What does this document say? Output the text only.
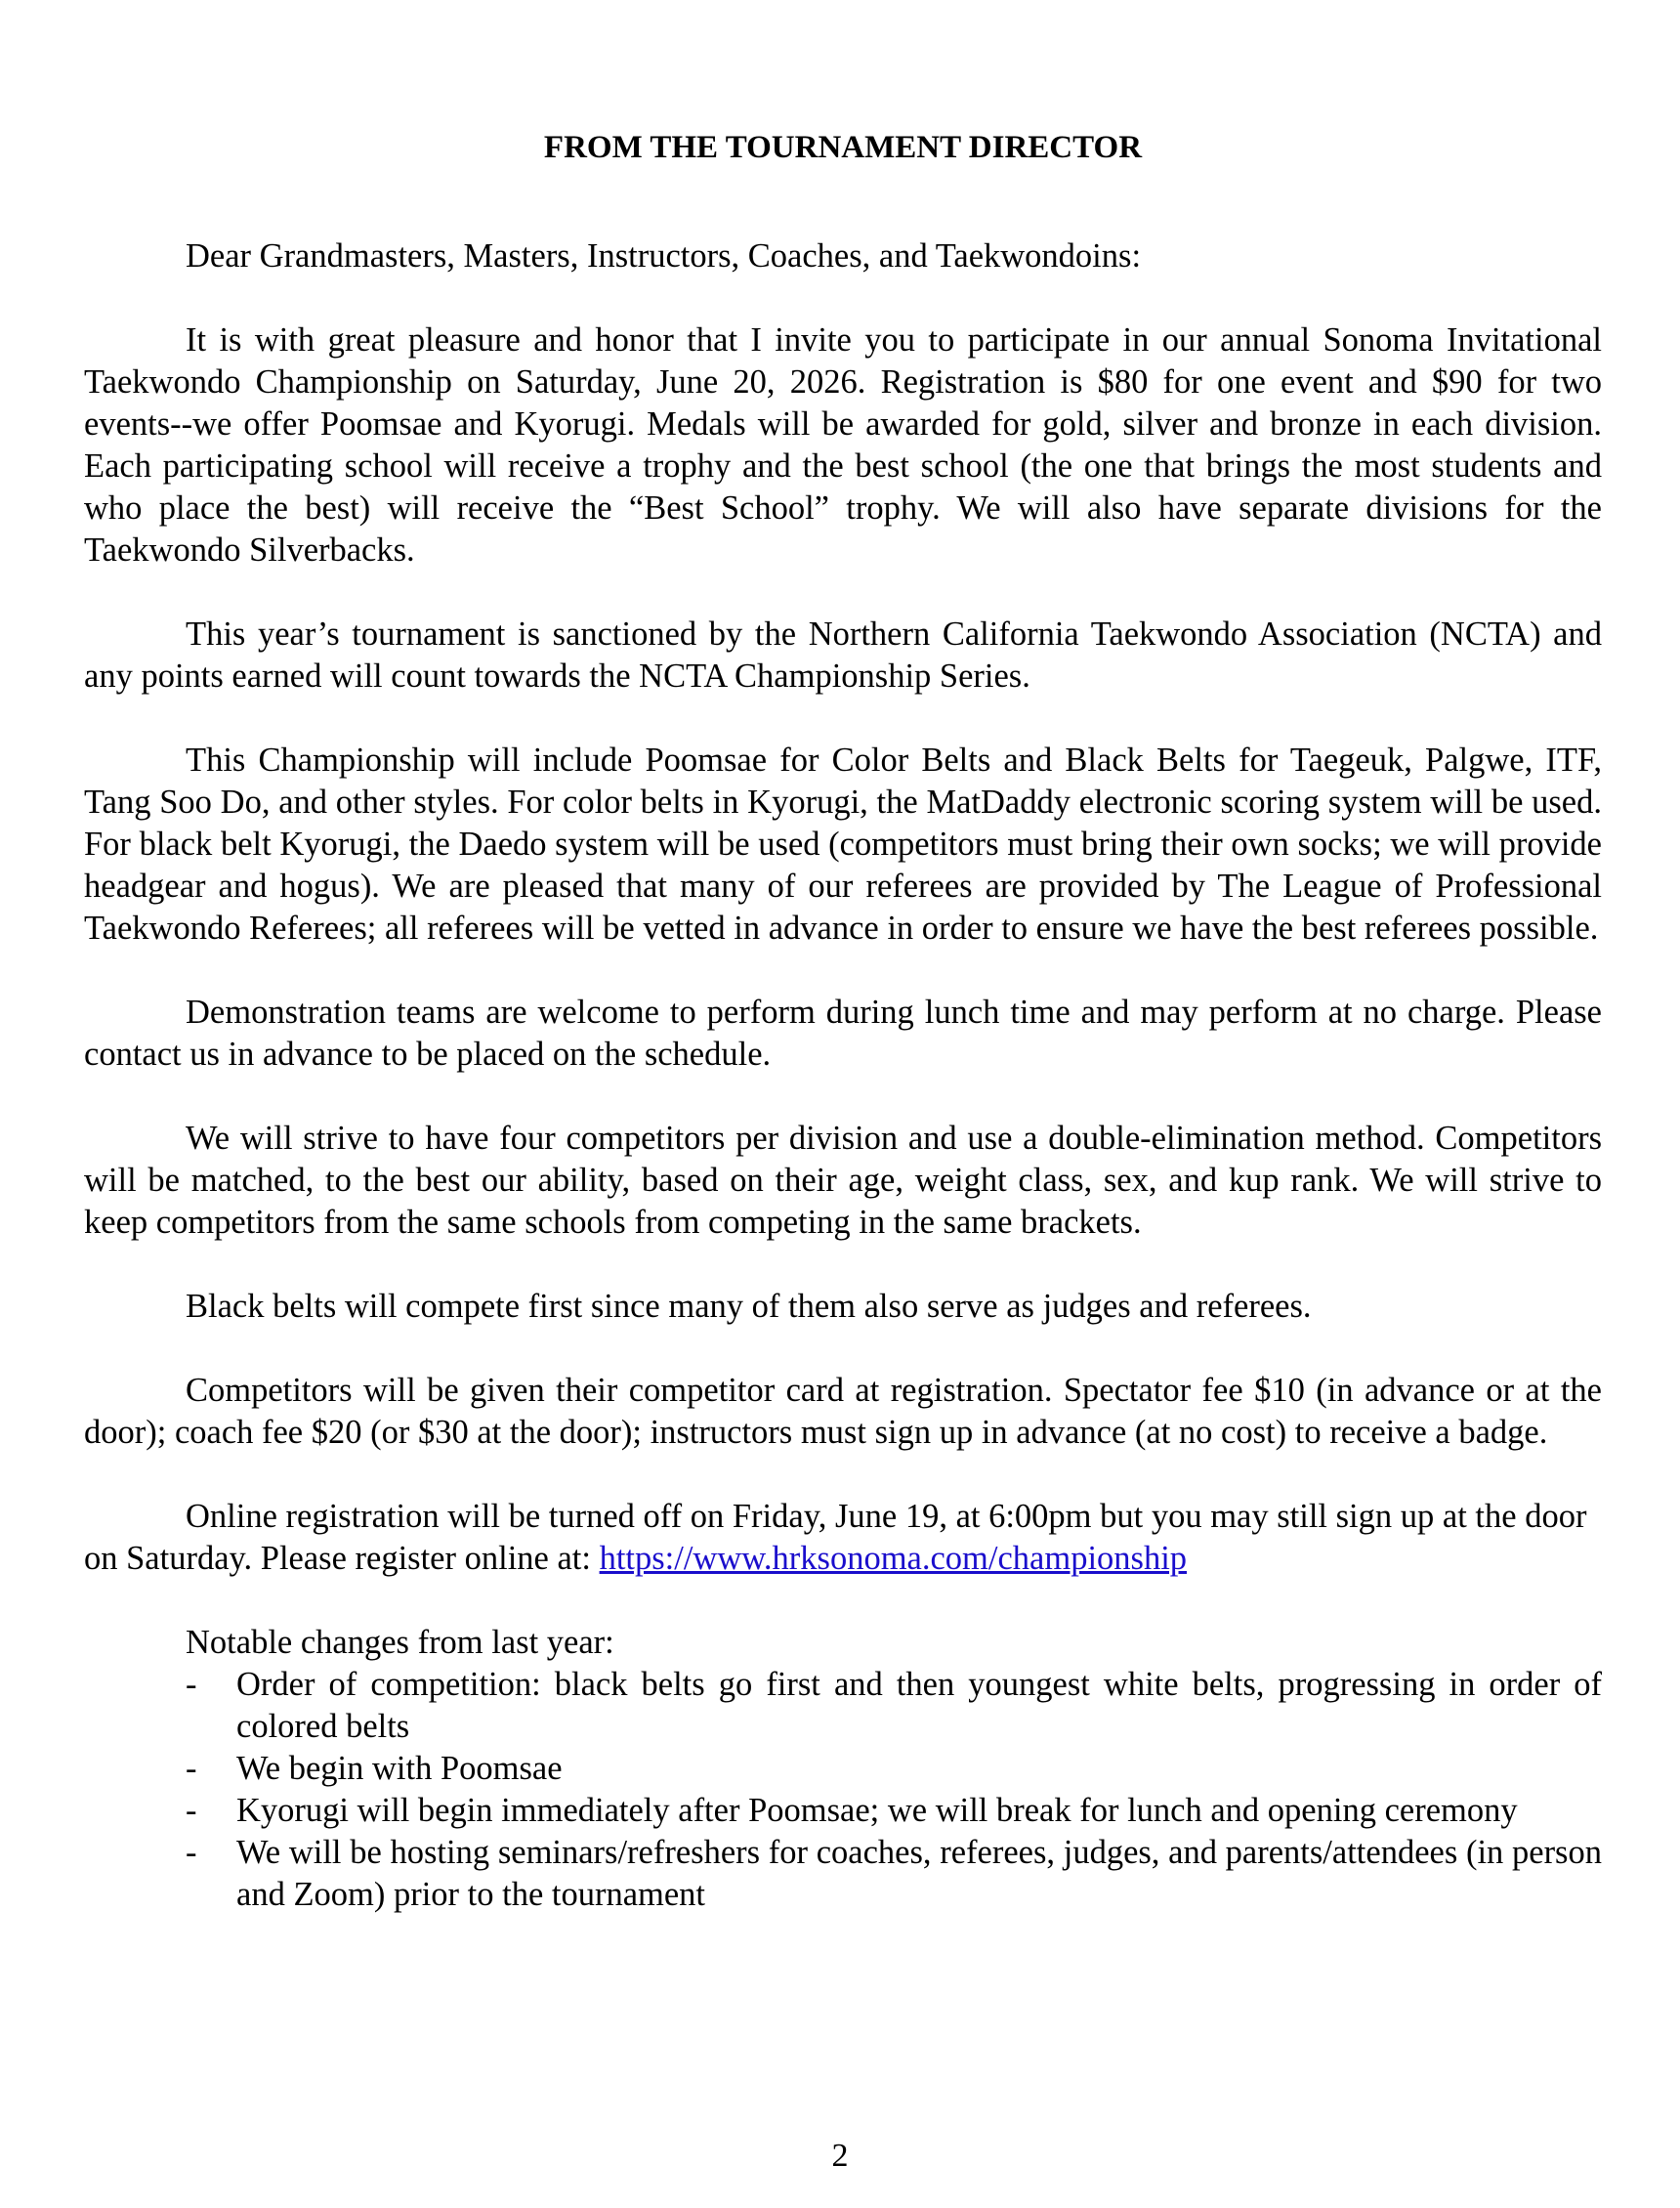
FROM THE TOURNAMENT DIRECTOR

Dear Grandmasters, Masters, Instructors, Coaches, and Taekwondoins:

It is with great pleasure and honor that I invite you to participate in our annual Sonoma Invitational Taekwondo Championship on Saturday, June 20, 2026. Registration is $80 for one event and $90 for two events--we offer Poomsae and Kyorugi. Medals will be awarded for gold, silver and bronze in each division. Each participating school will receive a trophy and the best school (the one that brings the most students and who place the best) will receive the “Best School” trophy. We will also have separate divisions for the Taekwondo Silverbacks.

This year’s tournament is sanctioned by the Northern California Taekwondo Association (NCTA) and any points earned will count towards the NCTA Championship Series.

This Championship will include Poomsae for Color Belts and Black Belts for Taegeuk, Palgwe, ITF, Tang Soo Do, and other styles. For color belts in Kyorugi, the MatDaddy electronic scoring system will be used. For black belt Kyorugi, the Daedo system will be used (competitors must bring their own socks; we will provide headgear and hogus). We are pleased that many of our referees are provided by The League of Professional Taekwondo Referees; all referees will be vetted in advance in order to ensure we have the best referees possible.

Demonstration teams are welcome to perform during lunch time and may perform at no charge. Please contact us in advance to be placed on the schedule.

We will strive to have four competitors per division and use a double-elimination method. Competitors will be matched, to the best our ability, based on their age, weight class, sex, and kup rank. We will strive to keep competitors from the same schools from competing in the same brackets.

Black belts will compete first since many of them also serve as judges and referees.

Competitors will be given their competitor card at registration. Spectator fee $10 (in advance or at the door); coach fee $20 (or $30 at the door); instructors must sign up in advance (at no cost) to receive a badge.

Online registration will be turned off on Friday, June 19, at 6:00pm but you may still sign up at the door on Saturday. Please register online at: https://www.hrksonoma.com/championship

Notable changes from last year:
- Order of competition: black belts go first and then youngest white belts, progressing in order of colored belts
- We begin with Poomsae
- Kyorugi will begin immediately after Poomsae; we will break for lunch and opening ceremony
- We will be hosting seminars/refreshers for coaches, referees, judges, and parents/attendees (in person and Zoom) prior to the tournament
2
